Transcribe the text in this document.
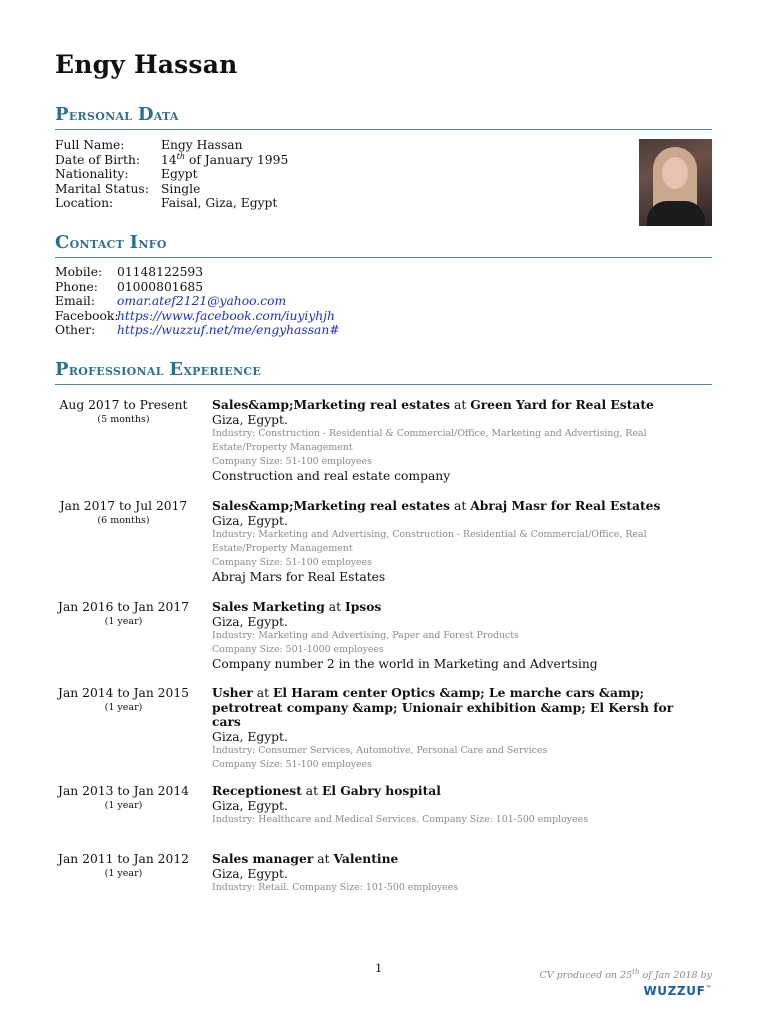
Engy Hassan
Personal Data
Full Name:	Engy Hassan
Date of Birth:	14th of January 1995
Nationality:	Egypt
Marital Status: Single
Location:	Faisal, Giza, Egypt
Contact Info
Mobile:	01148122593
Phone:	01000801685
Email:	omar.atef2121@yahoo.com
Facebook:
https://www.facebook.com/iuyiyhjh
Other:	https://wuzzuf.net/me/engyhassan#
Professional Experience
Aug 2017 to Present
(5 months)
Sales&amp;Marketing real estates at Green Yard for Real Estate
Giza, Egypt.
Industry: Construction - Residential & Commercial/Office, Marketing and Advertising, Real Estate/Property Management
Company Size: 51-100 employees
Construction and real estate company
Jan 2017 to Jul 2017
(6 months)
Sales&amp;Marketing real estates at Abraj Masr for Real Estates
Giza, Egypt.
Industry: Marketing and Advertising, Construction - Residential & Commercial/Office, Real Estate/Property Management
Company Size: 51-100 employees
Abraj Mars for Real Estates
Jan 2016 to Jan 2017
(1 year)
Sales Marketing at Ipsos
Giza, Egypt.
Industry: Marketing and Advertising, Paper and Forest Products
Company Size: 501-1000 employees
Company number 2 in the world in Marketing and Advertsing
Jan 2014 to Jan 2015
(1 year)
Usher at El Haram center Optics &amp; Le marche cars &amp; petrotreat company &amp; Unionair exhibition &amp; El Kersh for cars
Giza, Egypt.
Industry: Consumer Services, Automotive, Personal Care and Services
Company Size: 51-100 employees
Jan 2013 to Jan 2014
(1 year)
Receptionest at El Gabry hospital
Giza, Egypt.
Industry: Healthcare and Medical Services. Company Size: 101-500 employees
Jan 2011 to Jan 2012
(1 year)
Sales manager at Valentine
Giza, Egypt.
Industry: Retail. Company Size: 101-500 employees
1
CV produced on 25th of Jan 2018 by
WUZZUF™
